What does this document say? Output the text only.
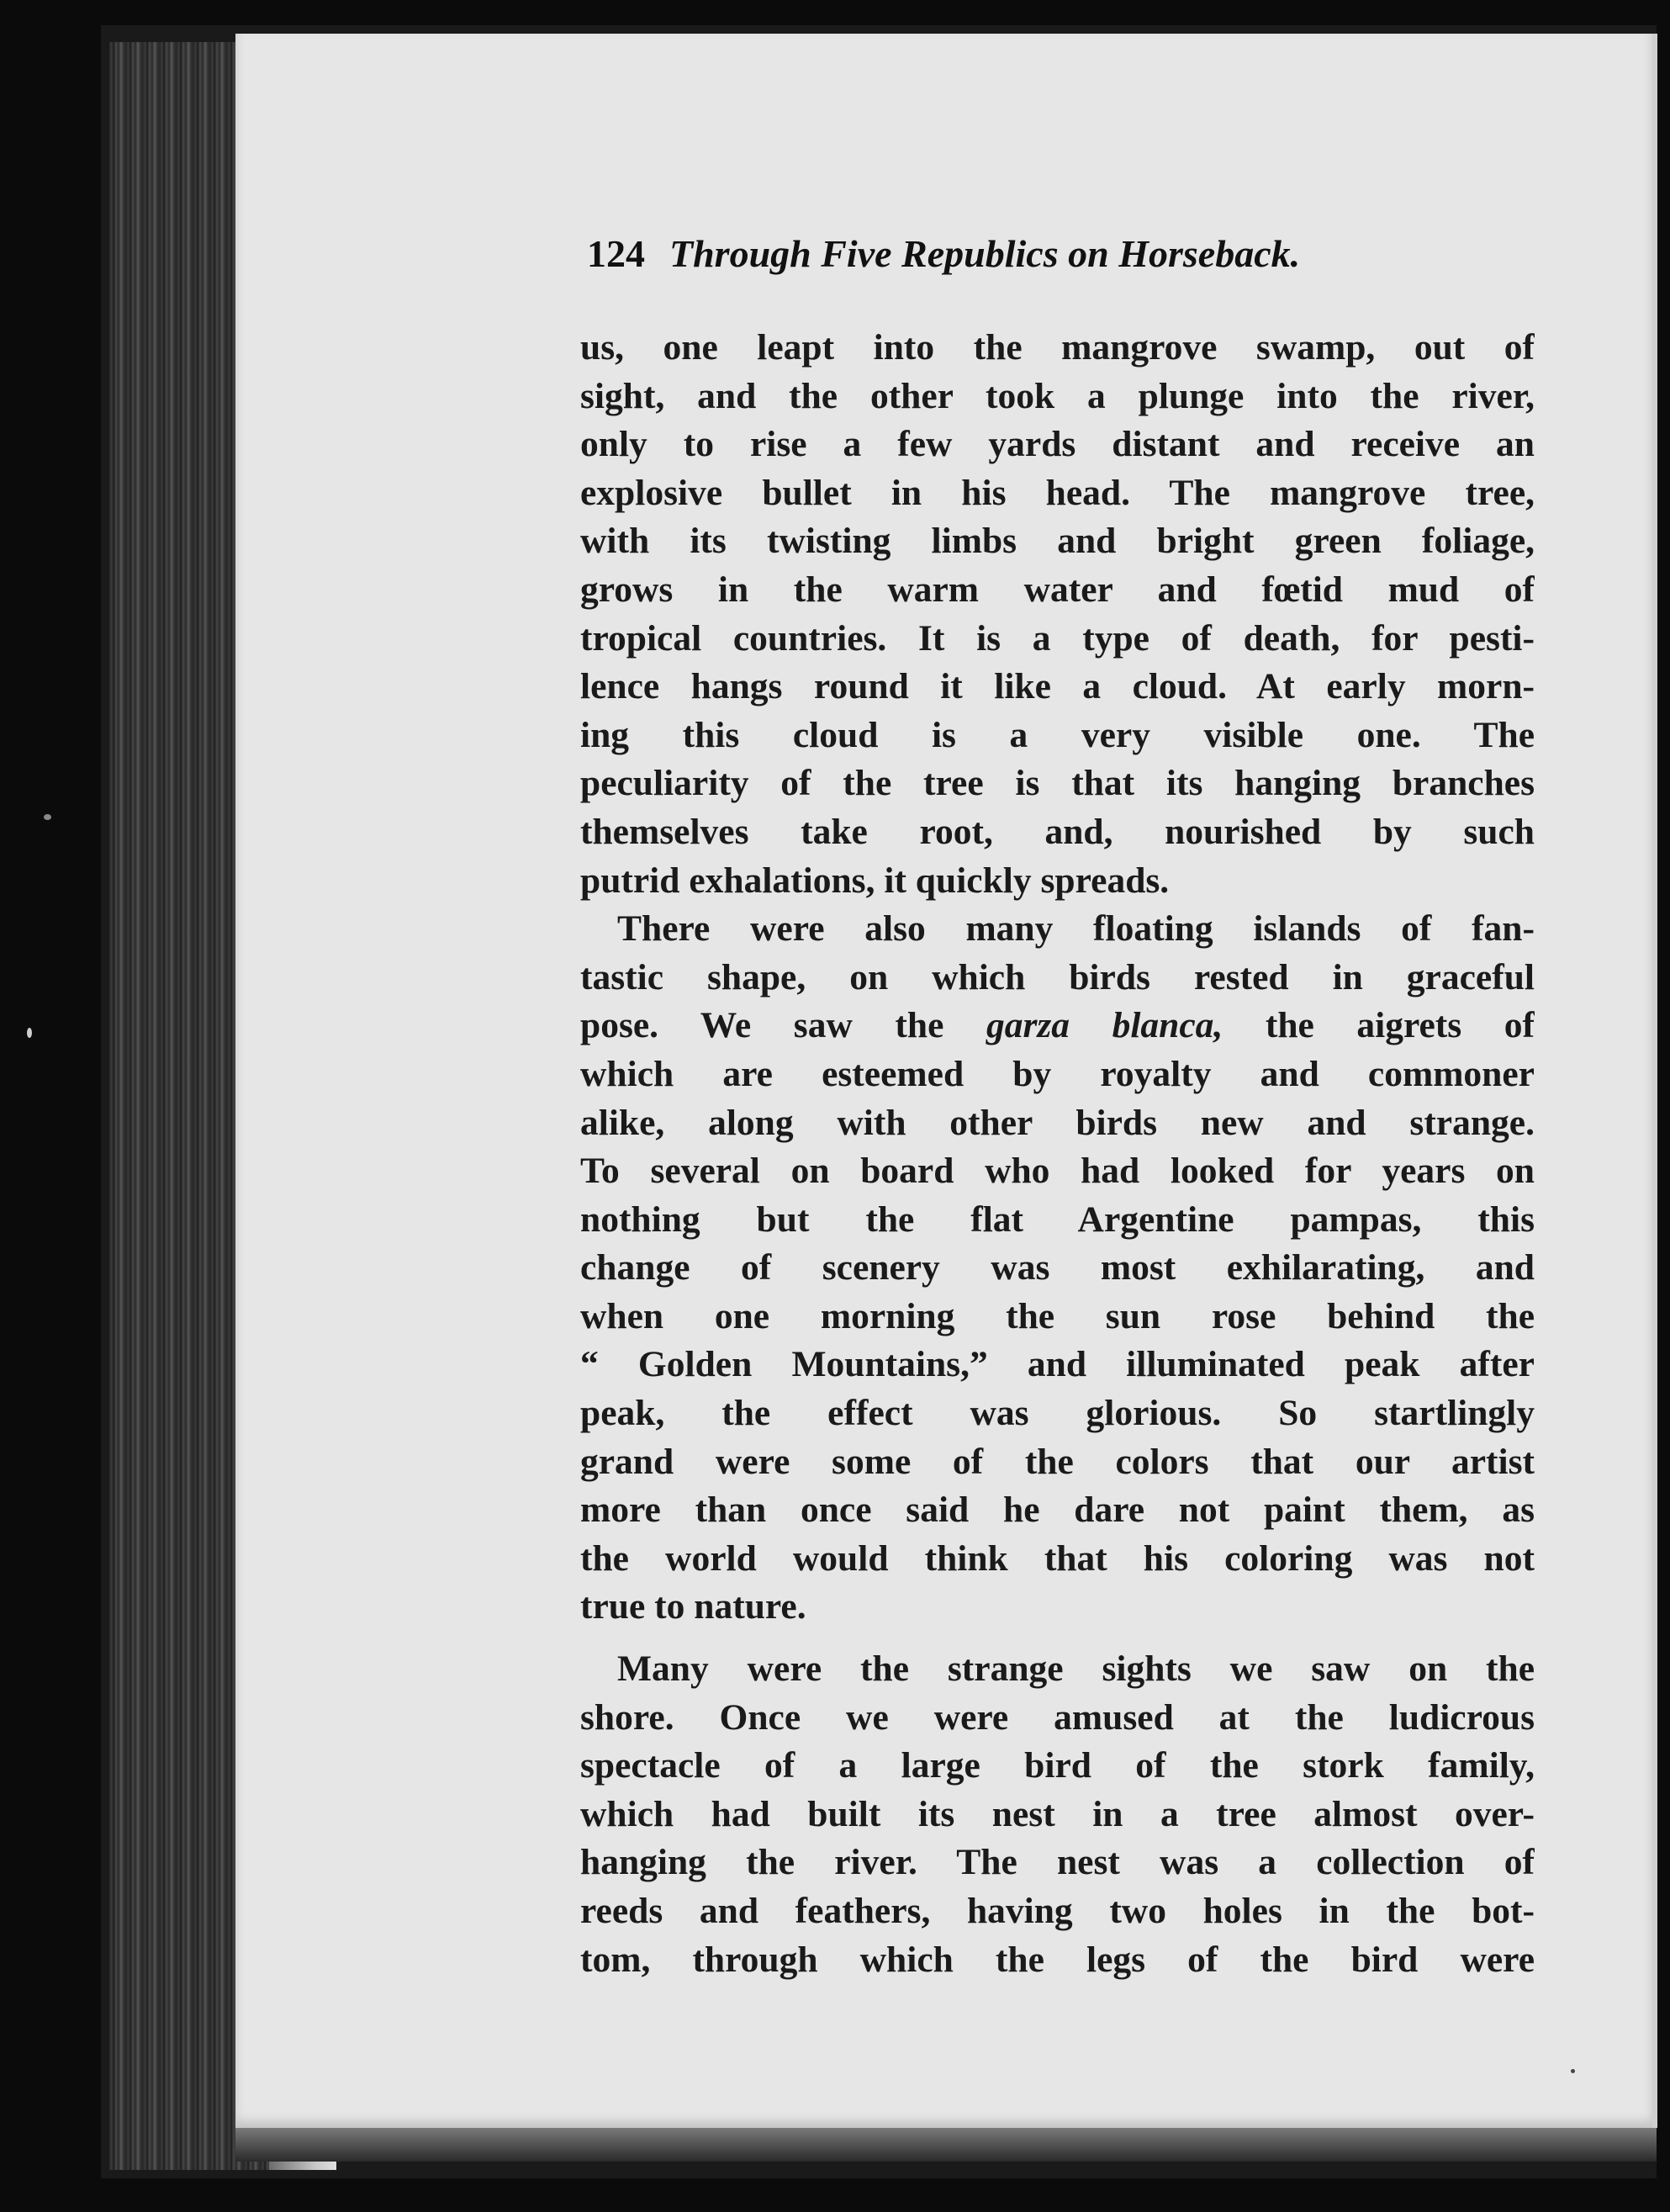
124 Through Five Republics on Horseback.
us, one leapt into the mangrove swamp, out of
sight, and the other took a plunge into the river,
only to rise a few yards distant and receive an
explosive bullet in his head. The mangrove tree,
with its twisting limbs and bright green foliage,
grows in the warm water and fœtid mud of
tropical countries. It is a type of death, for pesti-
lence hangs round it like a cloud. At early morn-
ing this cloud is a very visible one. The
peculiarity of the tree is that its hanging branches
themselves take root, and, nourished by such
putrid exhalations, it quickly spreads.
There were also many floating islands of fan-
tastic shape, on which birds rested in graceful
pose. We saw the garza blanca, the aigrets of
which are esteemed by royalty and commoner
alike, along with other birds new and strange.
To several on board who had looked for years on
nothing but the flat Argentine pampas, this
change of scenery was most exhilarating, and
when one morning the sun rose behind the
“ Golden Mountains,” and illuminated peak after
peak, the effect was glorious. So startlingly
grand were some of the colors that our artist
more than once said he dare not paint them, as
the world would think that his coloring was not
true to nature.
Many were the strange sights we saw on the
shore. Once we were amused at the ludicrous
spectacle of a large bird of the stork family,
which had built its nest in a tree almost over-
hanging the river. The nest was a collection of
reeds and feathers, having two holes in the bot-
tom, through which the legs of the bird were
